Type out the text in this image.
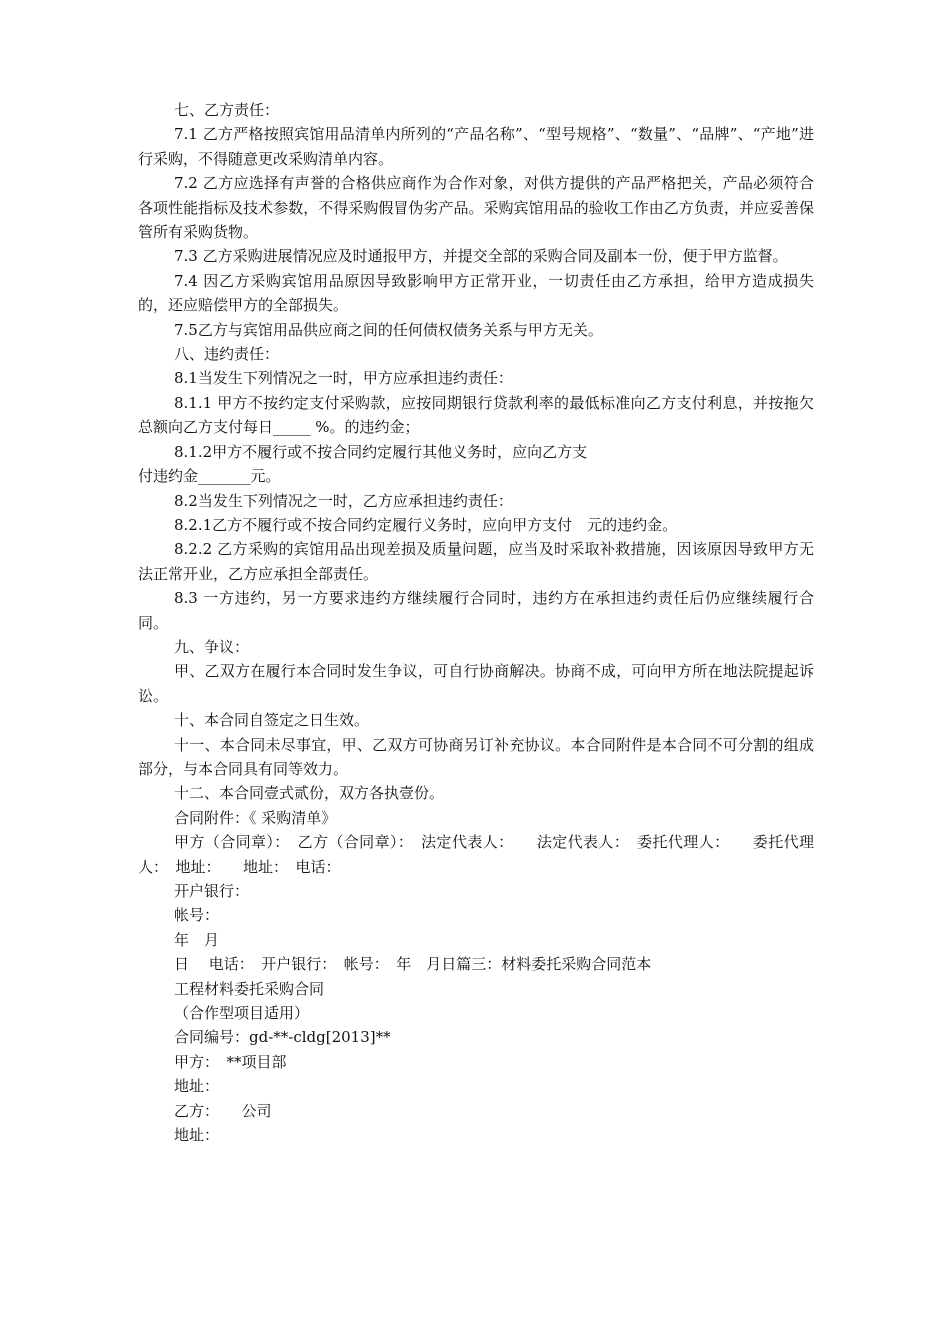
七、乙方责任：

7.1 乙方严格按照宾馆用品清单内所列的“产品名称”、“型号规格”、“数量”、“品牌”、“产地”进行采购，不得随意更改采购清单内容。

7.2 乙方应选择有声誉的合格供应商作为合作对象，对供方提供的产品严格把关，产品必须符合各项性能指标及技术参数，不得采购假冒伪劣产品。采购宾馆用品的验收工作由乙方负责，并应妥善保管所有采购货物。

7.3 乙方采购进展情况应及时通报甲方，并提交全部的采购合同及副本一份，便于甲方监督。

7.4 因乙方采购宾馆用品原因导致影响甲方正常开业，一切责任由乙方承担，给甲方造成损失的，还应赔偿甲方的全部损失。

7.5乙方与宾馆用品供应商之间的任何债权债务关系与甲方无关。

八、违约责任：

8.1当发生下列情况之一时，甲方应承担违约责任：

8.1.1 甲方不按约定支付采购款，应按同期银行贷款利率的最低标准向乙方支付利息，并按拖欠总额向乙方支付每日_____ %。的违约金；

8.1.2甲方不履行或不按合同约定履行其他义务时，应向乙方支

付违约金_______元。

8.2当发生下列情况之一时，乙方应承担违约责任：

8.2.1乙方不履行或不按合同约定履行义务时，应向甲方支付　元的违约金。

8.2.2 乙方采购的宾馆用品出现差损及质量问题，应当及时采取补救措施，因该原因导致甲方无法正常开业，乙方应承担全部责任。

8.3 一方违约，另一方要求违约方继续履行合同时，违约方在承担违约责任后仍应继续履行合同。

九、争议：

甲、乙双方在履行本合同时发生争议，可自行协商解决。协商不成，可向甲方所在地法院提起诉讼。

十、本合同自签定之日生效。

十一、本合同未尽事宜，甲、乙双方可协商另订补充协议。本合同附件是本合同不可分割的组成部分，与本合同具有同等效力。

十二、本合同壹式贰份，双方各执壹份。

合同附件：《 采购清单》

甲方（合同章）：　乙方（合同章）：　法定代表人：　　法定代表人：　委托代理人：　　委托代理人：　地址：　　地址：　电话：

开户银行：

帐号：

年　月

日　 电话：　开户银行：　帐号：　年　月日篇三：材料委托采购合同范本

工程材料委托采购合同

（合作型项目适用）

合同编号：gd-**-cldg[2013]**

甲方：　**项目部

地址：

乙方：　　公司

地址：
